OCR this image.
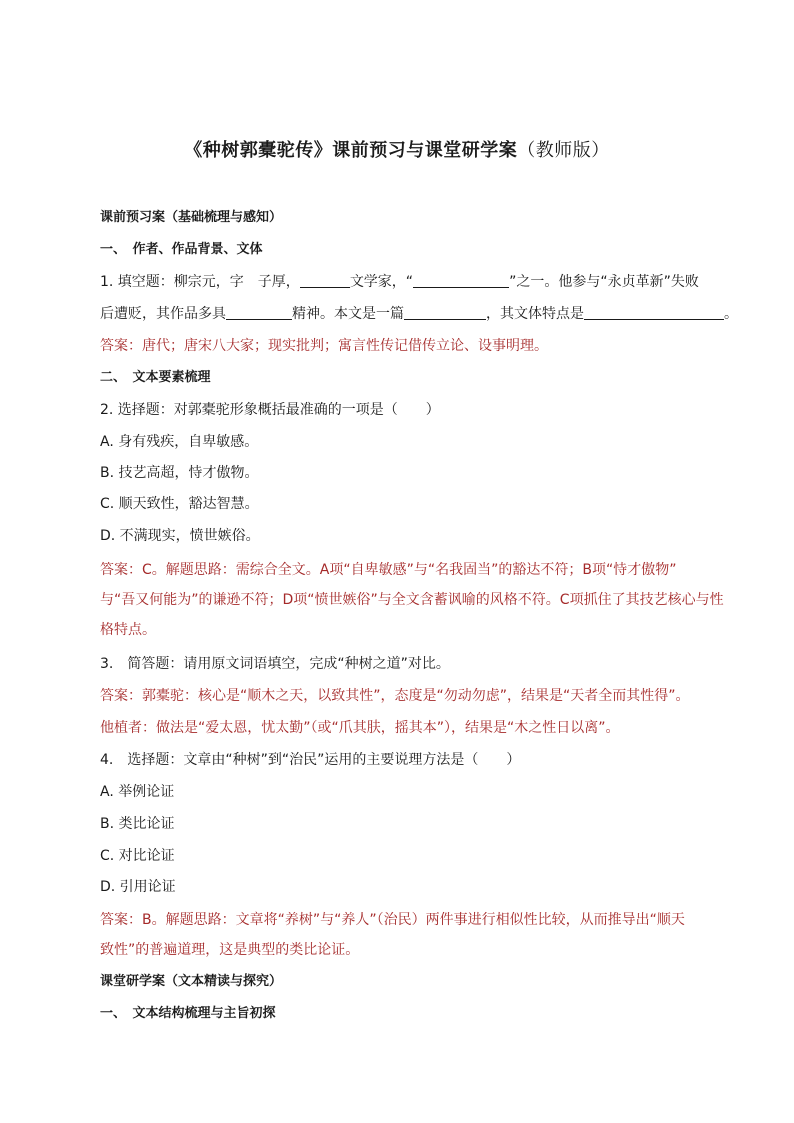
《种树郭橐驼传》课前预习与课堂研学案（教师版）
课前预习案（基础梳理与感知）
一、　作者、作品背景、文体
1. 填空题：柳宗元，字　子厚，	文学家，“	”之一。他参与“永贞革新”失败
后遭贬，其作品多具	精神。本文是一篇	，其文体特点是	。
答案：唐代；唐宋八大家；现实批判；寓言性传记借传立论、设事明理。
二、　文本要素梳理
2. 选择题：对郭橐驼形象概括最准确的一项是（　　）
A. 身有残疾，自卑敏感。
B. 技艺高超，恃才傲物。
C. 顺天致性，豁达智慧。
D. 不满现实，愤世嫉俗。
答案：C。解题思路：需综合全文。A项“自卑敏感”与“名我固当”的豁达不符；B项“恃才傲物”
与“吾又何能为”的谦逊不符；D项“愤世嫉俗”与全文含蓄讽喻的风格不符。C项抓住了其技艺核心与性
格特点。
3.　简答题：请用原文词语填空，完成“种树之道”对比。
答案：郭橐驼：核心是“顺木之天，以致其性”，态度是“勿动勿虑”，结果是“天者全而其性得”。
他植者：做法是“爱太恩，忧太勤”（或“爪其肤，摇其本”），结果是“木之性日以离”。
4.　选择题：文章由“种树”到“治民”运用的主要说理方法是（　　）
A. 举例论证
B. 类比论证
C. 对比论证
D. 引用论证
答案：B。解题思路：文章将“养树”与“养人”（治民）两件事进行相似性比较，从而推导出“顺天
致性”的普遍道理，这是典型的类比论证。
课堂研学案（文本精读与探究）
一、　文本结构梳理与主旨初探
